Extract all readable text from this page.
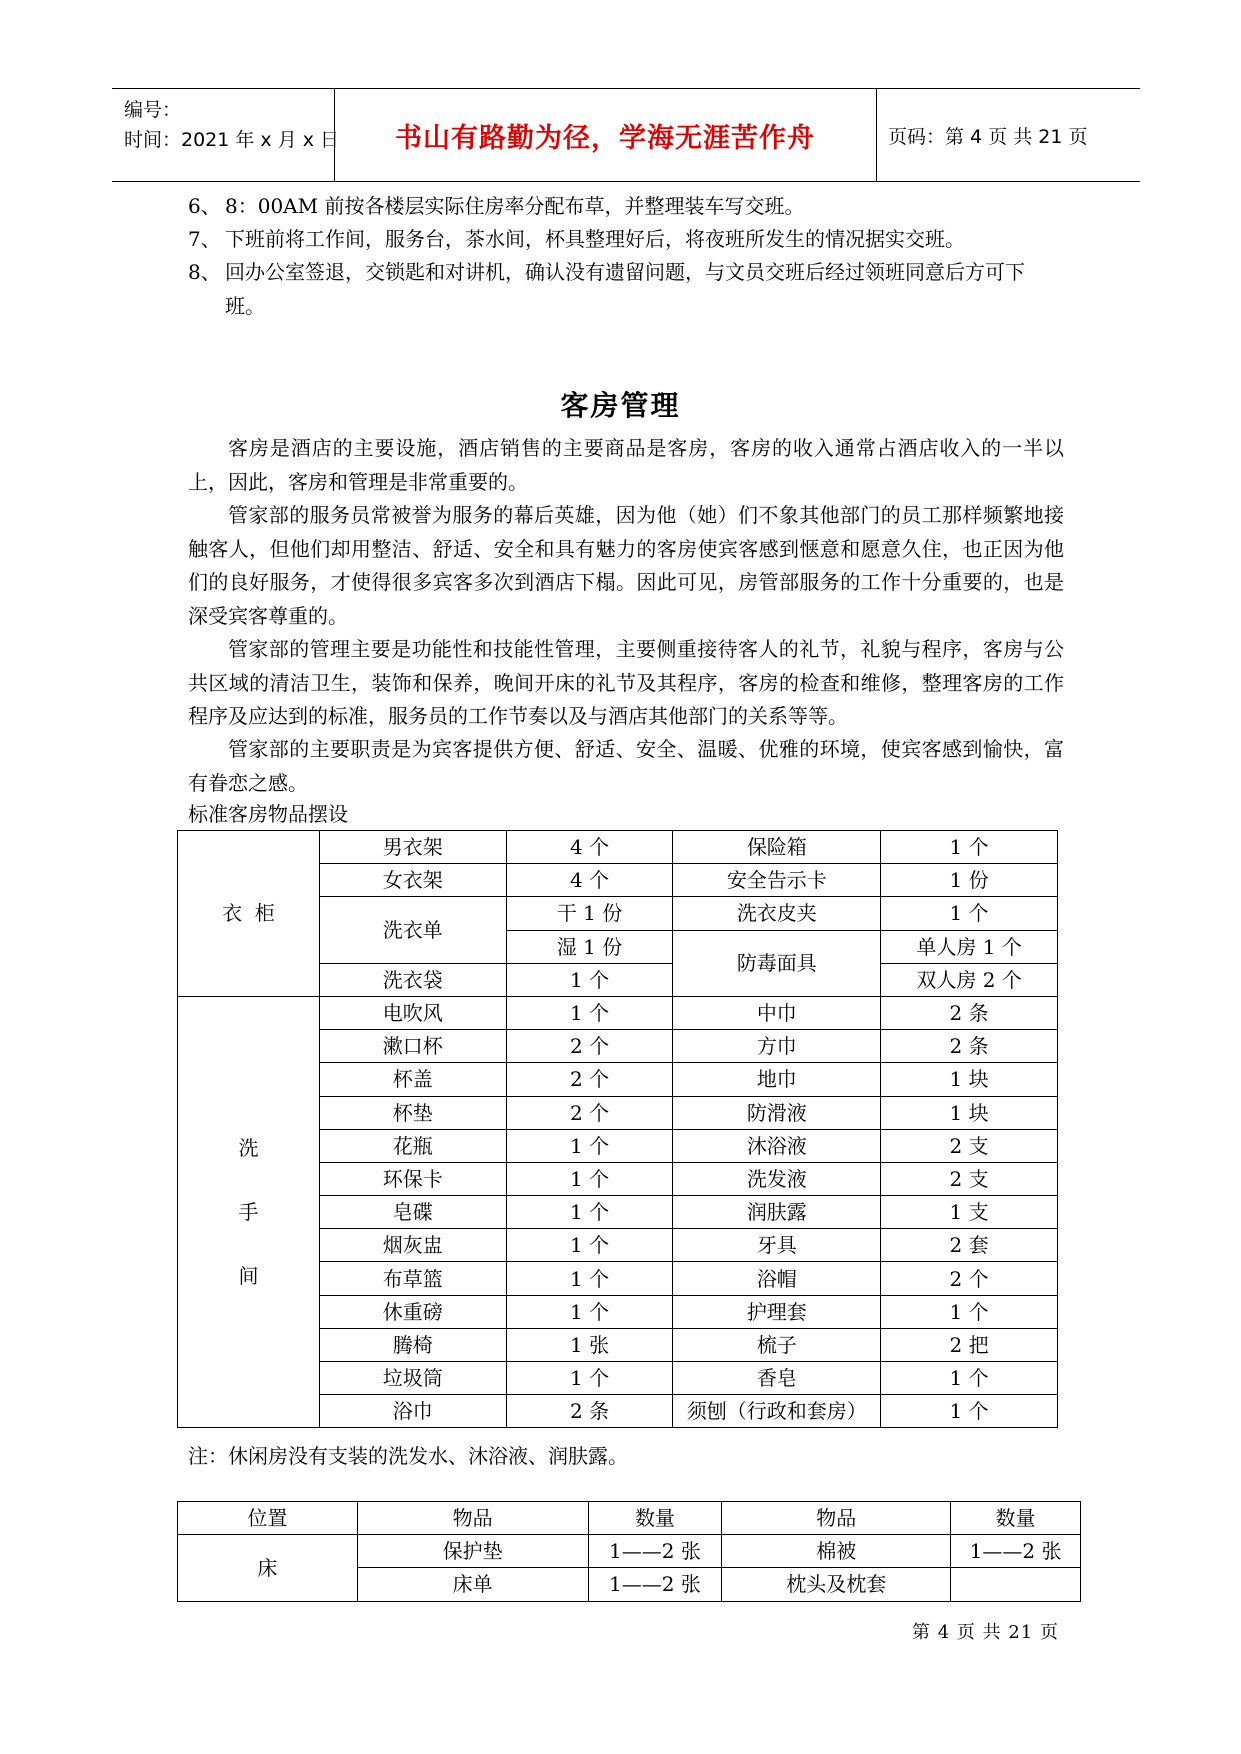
编号：
时间：2021 年 x 月 x 日	书山有路勤为径，学海无涯苦作舟	页码：第 4 页 共 21 页
6、 8：00AM 前按各楼层实际住房率分配布草，并整理装车写交班。
7、 下班前将工作间，服务台，茶水间，杯具整理好后，将夜班所发生的情况据实交班。
8、 回办公室签退，交锁匙和对讲机，确认没有遗留问题，与文员交班后经过领班同意后方可下班。
客房管理
客房是酒店的主要设施，酒店销售的主要商品是客房，客房的收入通常占酒店收入的一半以上，因此，客房和管理是非常重要的。
管家部的服务员常被誉为服务的幕后英雄，因为他（她）们不象其他部门的员工那样频繁地接触客人，但他们却用整洁、舒适、安全和具有魅力的客房使宾客感到惬意和愿意久住，也正因为他们的良好服务，才使得很多宾客多次到酒店下榻。因此可见，房管部服务的工作十分重要的，也是深受宾客尊重的。
管家部的管理主要是功能性和技能性管理，主要侧重接待客人的礼节，礼貌与程序，客房与公共区域的清洁卫生，装饰和保养，晚间开床的礼节及其程序，客房的检查和维修，整理客房的工作程序及应达到的标准，服务员的工作节奏以及与酒店其他部门的关系等等。
管家部的主要职责是为宾客提供方便、舒适、安全、温暖、优雅的环境，使宾客感到愉快，富有眷恋之感。
标准客房物品摆设
衣  柜	男衣架	4 个	保险箱	1 个
	女衣架	4 个	安全告示卡	1 份
	洗衣单	干 1 份	洗衣皮夹	1 个
		湿 1 份	防毒面具	单人房 1 个
	洗衣袋	1 个		双人房 2 个

洗
手
间	电吹风	1 个	中巾	2 条
	漱口杯	2 个	方巾	2 条
	杯盖	2 个	地巾	1 块
	杯垫	2 个	防滑液	1 块
	花瓶	1 个	沐浴液	2 支
	环保卡	1 个	洗发液	2 支
	皂碟	1 个	润肤露	1 支
	烟灰盅	1 个	牙具	2 套
	布草篮	1 个	浴帽	2 个
	休重磅	1 个	护理套	1 个
	腾椅	1 张	梳子	2 把
	垃圾筒	1 个	香皂	1 个
	浴巾	2 条	须刨（行政和套房）	1 个
注：休闲房没有支装的洗发水、沐浴液、润肤露。
位置	物品	数量	物品	数量
床	保护垫	1——2 张	棉被	1——2 张
	床单	1——2 张	枕头及枕套	
第 4 页 共 21 页
